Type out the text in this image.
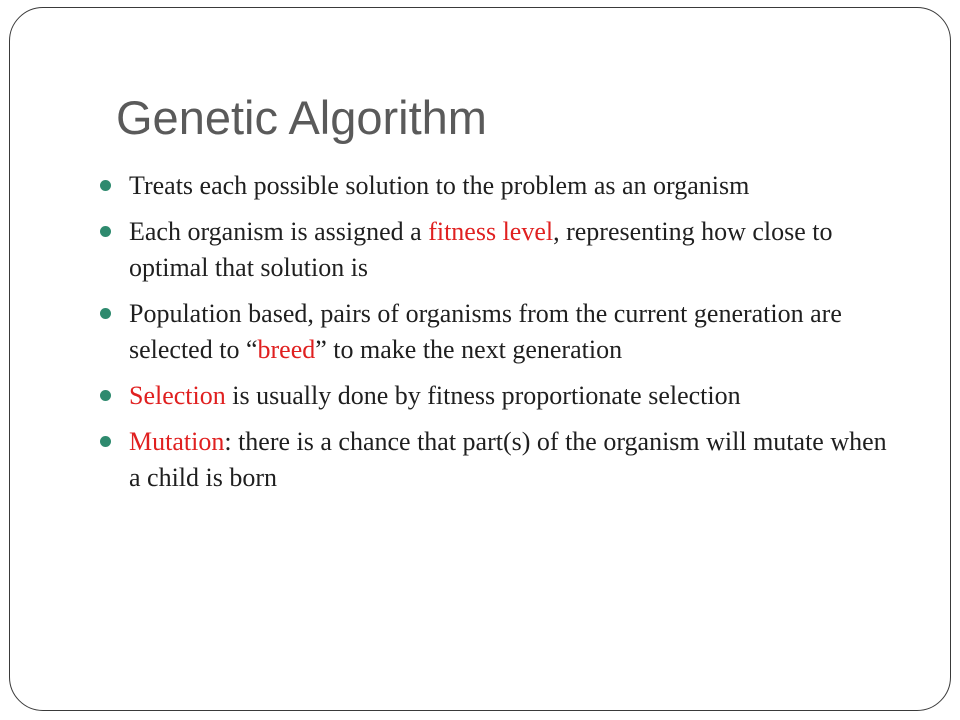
Genetic Algorithm
Treats each possible solution to the problem as an organism
Each organism is assigned a fitness level, representing how close to optimal that solution is
Population based, pairs of organisms from the current generation are selected to “breed” to make the next generation
Selection is usually done by fitness proportionate selection
Mutation: there is a chance that part(s) of the organism will mutate when a child is born
